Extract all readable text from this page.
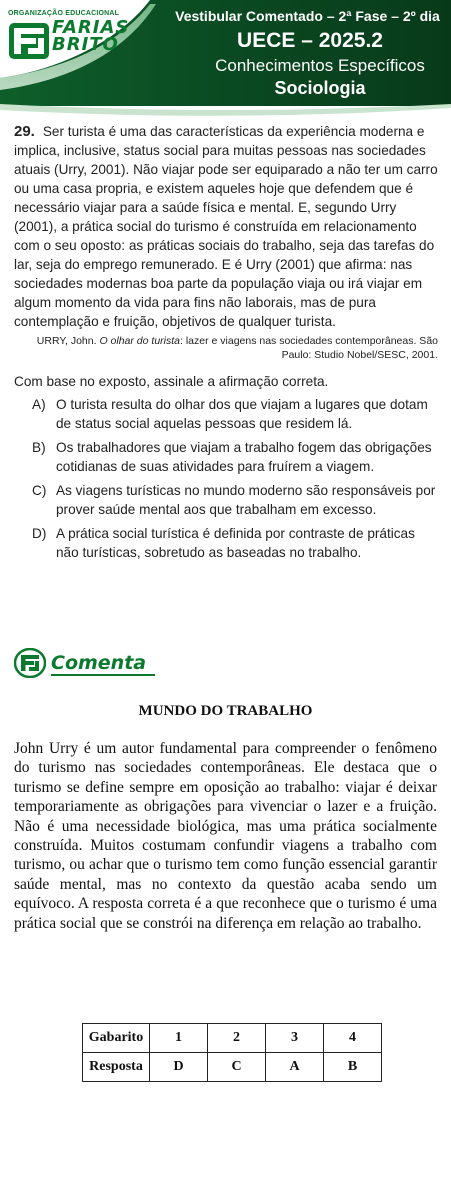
ORGANIZAÇÃO EDUCACIONAL
FARIAS
BRITO
Vestibular Comentado – 2ª Fase – 2º dia
UECE – 2025.2
Conhecimentos Específicos
Sociologia
29. Ser turista é uma das características da experiência moderna e implica, inclusive, status social para muitas pessoas nas sociedades atuais (Urry, 2001). Não viajar pode ser equiparado a não ter um carro ou uma casa propria, e existem aqueles hoje que defendem que é necessário viajar para a saúde física e mental. E, segundo Urry (2001), a prática social do turismo é construída em relacionamento com o seu oposto: as práticas sociais do trabalho, seja das tarefas do lar, seja do emprego remunerado. E é Urry (2001) que afirma: nas sociedades modernas boa parte da população viaja ou irá viajar em algum momento da vida para fins não laborais, mas de pura contemplação e fruição, objetivos de qualquer turista.
URRY, John. O olhar do turista: lazer e viagens nas sociedades contemporâneas. São Paulo: Studio Nobel/SESC, 2001.
Com base no exposto, assinale a afirmação correta.
A) O turista resulta do olhar dos que viajam a lugares que dotam de status social aquelas pessoas que residem lá.
B) Os trabalhadores que viajam a trabalho fogem das obrigações cotidianas de suas atividades para fruírem a viagem.
C) As viagens turísticas no mundo moderno são responsáveis por prover saúde mental aos que trabalham em excesso.
D) A prática social turística é definida por contraste de práticas não turísticas, sobretudo as baseadas no trabalho.
Comenta
MUNDO DO TRABALHO
John Urry é um autor fundamental para compreender o fenômeno do turismo nas sociedades contemporâneas. Ele destaca que o turismo se define sempre em oposição ao trabalho: viajar é deixar temporariamente as obrigações para vivenciar o lazer e a fruição. Não é uma necessidade biológica, mas uma prática socialmente construída. Muitos costumam confundir viagens a trabalho com turismo, ou achar que o turismo tem como função essencial garantir saúde mental, mas no contexto da questão acaba sendo um equívoco. A resposta correta é a que reconhece que o turismo é uma prática social que se constrói na diferença em relação ao trabalho.
Gabarito	1	2	3	4
Resposta	D	C	A	B
